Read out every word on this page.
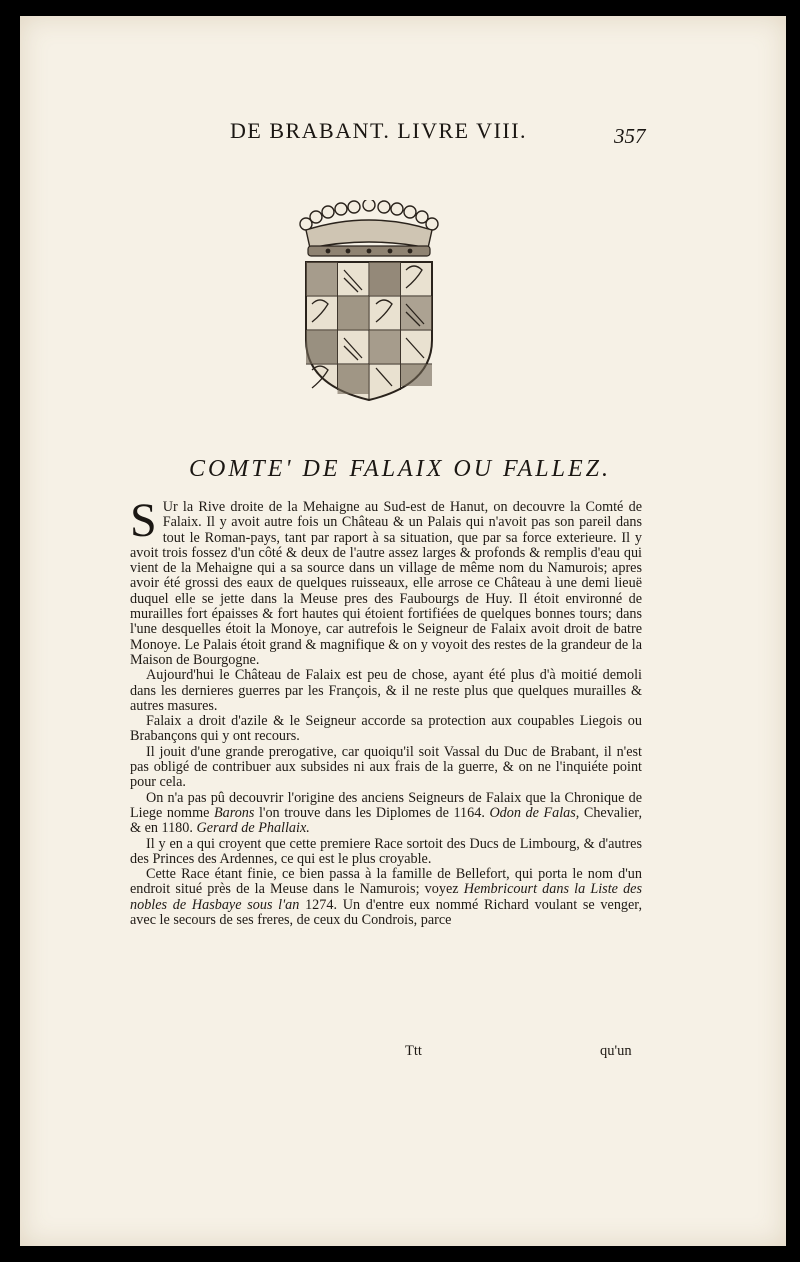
DE BRABANT. LIVRE VIII.	357
COMTE' DE FALAIX OU FALLEZ.

S Ur la Rive droite de la Mehaigne au Sud-est de Hanut, on decouvre la Comté de Falaix. Il y avoit autre fois un Château & un Palais qui n'avoit pas son pareil dans tout le Roman-pays, tant par raport à sa situation, que par sa force exterieure. Il y avoit trois fossez d'un côté & deux de l'autre assez larges & profonds & remplis d'eau qui vient de la Mehaigne qui a sa source dans un village de même nom du Namurois; apres avoir été grossi des eaux de quelques ruisseaux, elle arrose ce Château à une demi lieuë duquel elle se jette dans la Meuse pres des Faubourgs de Huy. Il étoit environné de murailles fort épaisses & fort hautes qui étoient fortifiées de quelques bonnes tours; dans l'une desquelles étoit la Monoye, car autrefois le Seigneur de Falaix avoit droit de batre Monoye. Le Palais étoit grand & magnifique & on y voyoit des restes de la grandeur de la Maison de Bourgogne.

Aujourd'hui le Château de Falaix est peu de chose, ayant été plus d'à moitié demoli dans les dernieres guerres par les François, & il ne reste plus que quelques murailles & autres masures.

Falaix a droit d'azile & le Seigneur accorde sa protection aux coupables Liegois ou Brabançons qui y ont recours.

Il jouit d'une grande prerogative, car quoiqu'il soit Vassal du Duc de Brabant, il n'est pas obligé de contribuer aux subsides ni aux frais de la guerre, & on ne l'inquiéte point pour cela.

On n'a pas pû decouvrir l'origine des anciens Seigneurs de Falaix que la Chronique de Liege nomme Barons l'on trouve dans les Diplomes de 1164. Odon de Falas, Chevalier, & en 1180. Gerard de Phallaix.

Il y en a qui croyent que cette premiere Race sortoit des Ducs de Limbourg, & d'autres des Princes des Ardennes, ce qui est le plus croyable.

Cette Race étant finie, ce bien passa à la famille de Bellefort, qui porta le nom d'un endroit situé près de la Meuse dans le Namurois; voyez Hembricourt dans la Liste des nobles de Hasbaye sous l'an 1274. Un d'entre eux nommé Richard voulant se venger, avec le secours de ses freres, de ceux du Condrois, parce

Ttt	qu'un
